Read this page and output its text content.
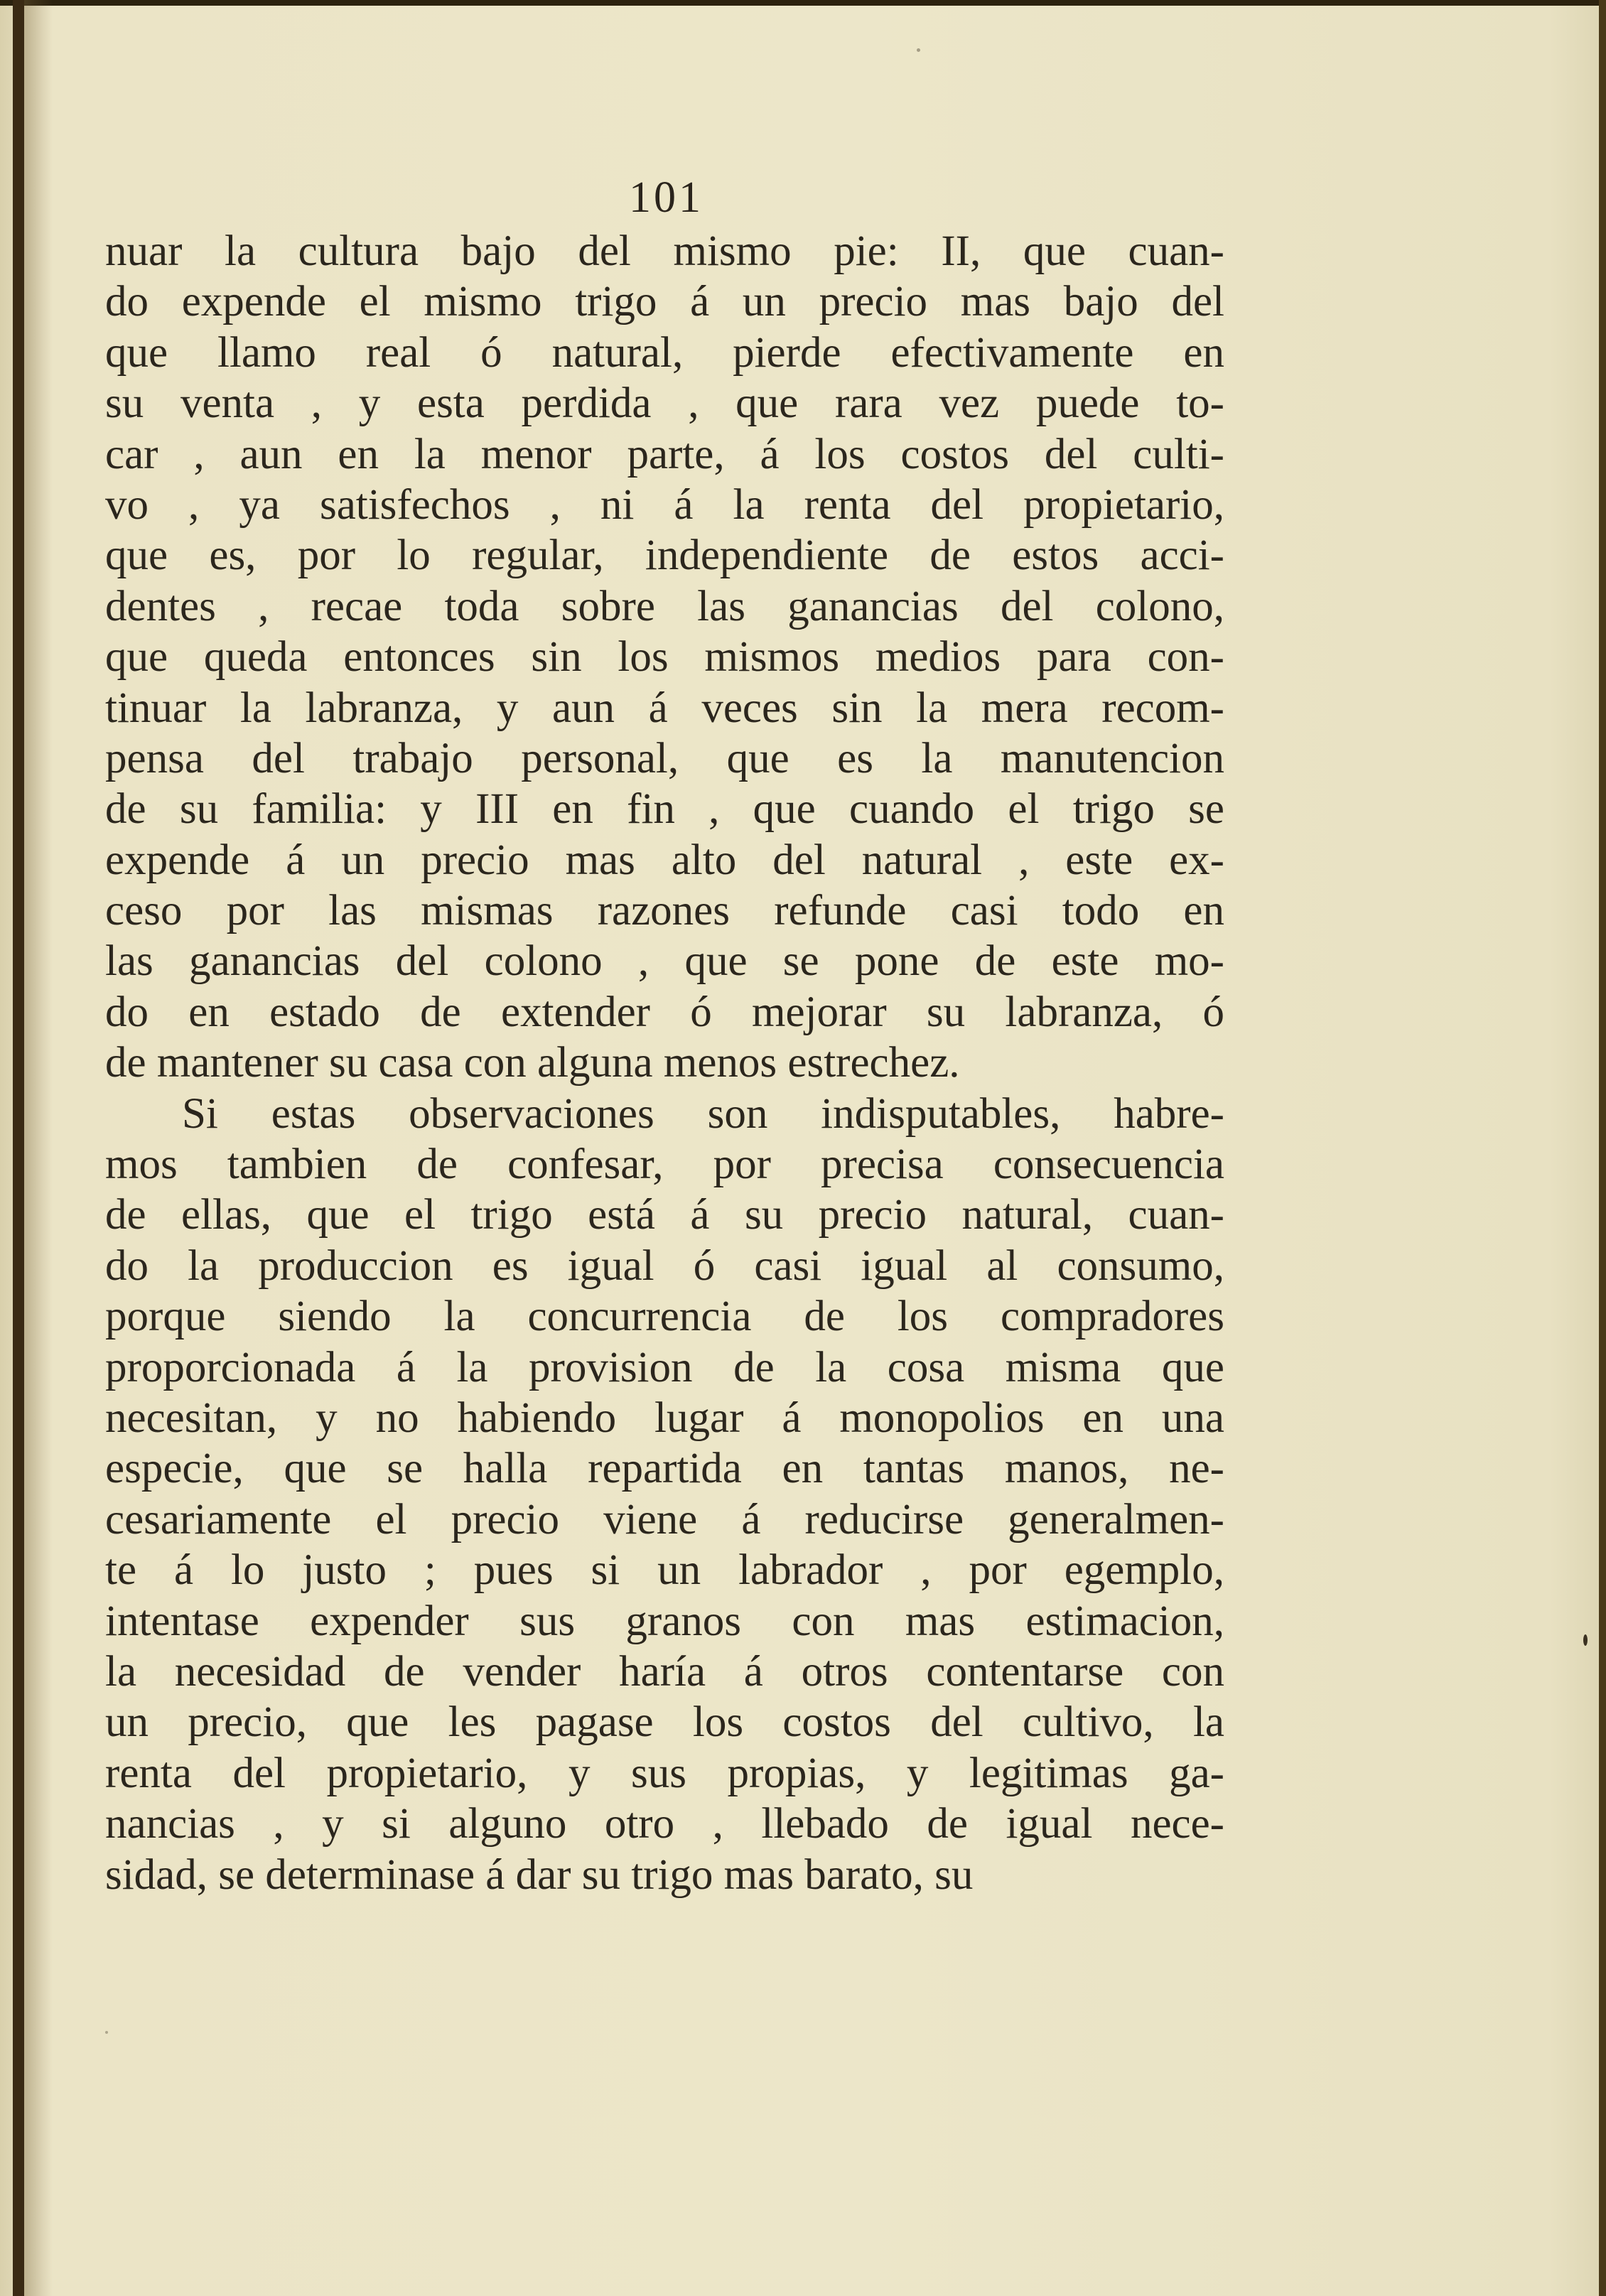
101
nuar la cultura bajo del mismo pie: II, que cuan-
do expende el mismo trigo á un precio mas bajo del
que llamo real ó natural, pierde efectivamente en
su venta , y esta perdida , que rara vez puede to-
car , aun en la menor parte, á los costos del culti-
vo , ya satisfechos , ni á la renta del propietario,
que es, por lo regular, independiente de estos acci-
dentes , recae toda sobre las ganancias del colono,
que queda entonces sin los mismos medios para con-
tinuar la labranza, y aun á veces sin la mera recom-
pensa del trabajo personal, que es la manutencion
de su familia: y III en fin , que cuando el trigo se
expende á un precio mas alto del natural , este ex-
ceso por las mismas razones refunde casi todo en
las ganancias del colono , que se pone de este mo-
do en estado de extender ó mejorar su labranza, ó
de mantener su casa con alguna menos estrechez.
Si estas observaciones son indisputables, habre-
mos tambien de confesar, por precisa consecuencia
de ellas, que el trigo está á su precio natural, cuan-
do la produccion es igual ó casi igual al consumo,
porque siendo la concurrencia de los compradores
proporcionada á la provision de la cosa misma que
necesitan, y no habiendo lugar á monopolios en una
especie, que se halla repartida en tantas manos, ne-
cesariamente el precio viene á reducirse generalmen-
te á lo justo ; pues si un labrador , por egemplo,
intentase expender sus granos con mas estimacion,
la necesidad de vender haría á otros contentarse con
un precio, que les pagase los costos del cultivo, la
renta del propietario, y sus propias, y legitimas ga-
nancias , y si alguno otro , llebado de igual nece-
sidad, se determinase á dar su trigo mas barato, su
